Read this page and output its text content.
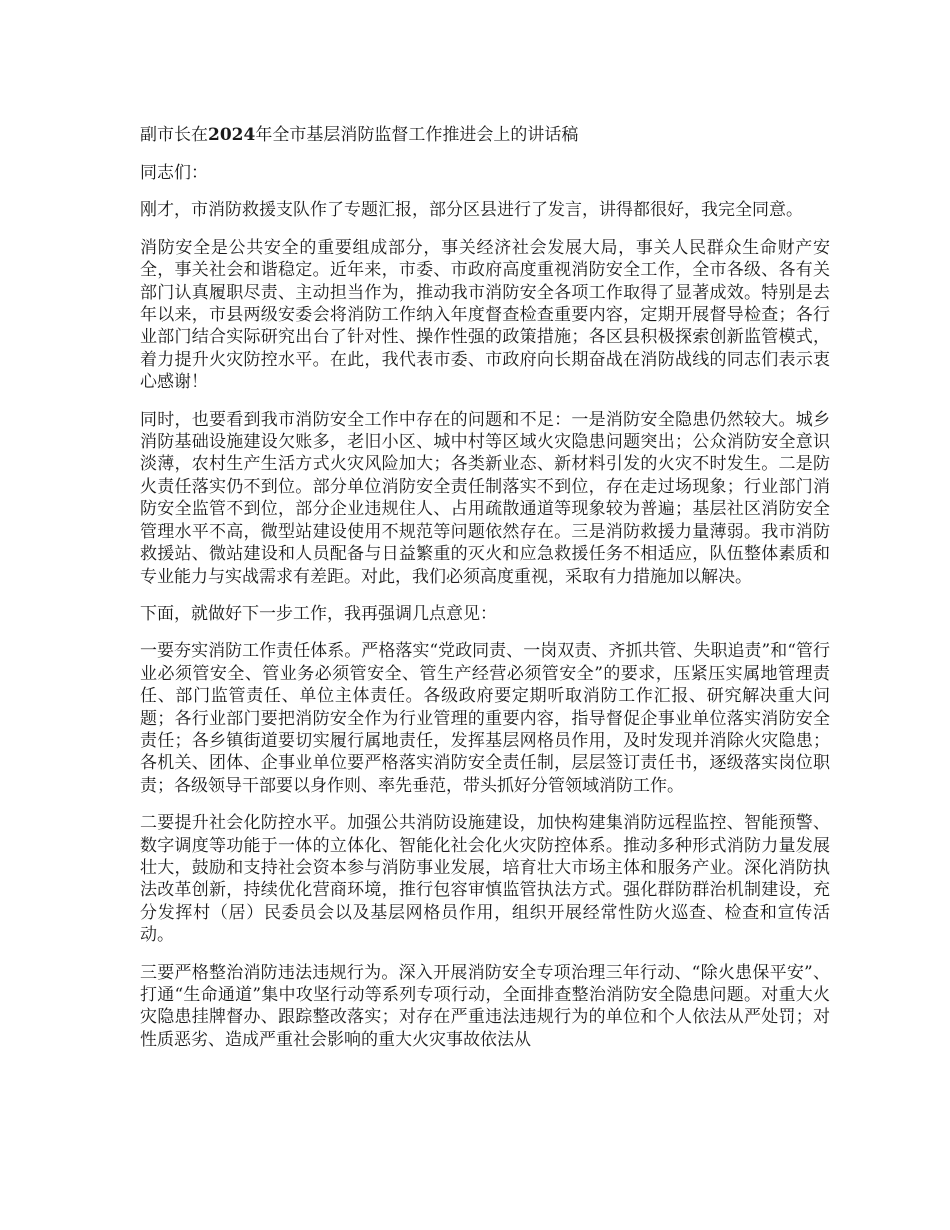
副市长在2024年全市基层消防监督工作推进会上的讲话稿

同志们：

刚才，市消防救援支队作了专题汇报，部分区县进行了发言，讲得都很好，我完全同意。

消防安全是公共安全的重要组成部分，事关经济社会发展大局，事关人民群众生命财产安全，事关社会和谐稳定。近年来，市委、市政府高度重视消防安全工作，全市各级、各有关部门认真履职尽责、主动担当作为，推动我市消防安全各项工作取得了显著成效。特别是去年以来，市县两级安委会将消防工作纳入年度督查检查重要内容，定期开展督导检查；各行业部门结合实际研究出台了针对性、操作性强的政策措施；各区县积极探索创新监管模式，着力提升火灾防控水平。在此，我代表市委、市政府向长期奋战在消防战线的同志们表示衷心感谢！

同时，也要看到我市消防安全工作中存在的问题和不足：一是消防安全隐患仍然较大。城乡消防基础设施建设欠账多，老旧小区、城中村等区域火灾隐患问题突出；公众消防安全意识淡薄，农村生产生活方式火灾风险加大；各类新业态、新材料引发的火灾不时发生。二是防火责任落实仍不到位。部分单位消防安全责任制落实不到位，存在走过场现象；行业部门消防安全监管不到位，部分企业违规住人、占用疏散通道等现象较为普遍；基层社区消防安全管理水平不高，微型站建设使用不规范等问题依然存在。三是消防救援力量薄弱。我市消防救援站、微站建设和人员配备与日益繁重的灭火和应急救援任务不相适应，队伍整体素质和专业能力与实战需求有差距。对此，我们必须高度重视，采取有力措施加以解决。

下面，就做好下一步工作，我再强调几点意见：

一要夯实消防工作责任体系。严格落实“党政同责、一岗双责、齐抓共管、失职追责”和“管行业必须管安全、管业务必须管安全、管生产经营必须管安全”的要求，压紧压实属地管理责任、部门监管责任、单位主体责任。各级政府要定期听取消防工作汇报、研究解决重大问题；各行业部门要把消防安全作为行业管理的重要内容，指导督促企事业单位落实消防安全责任；各乡镇街道要切实履行属地责任，发挥基层网格员作用，及时发现并消除火灾隐患；各机关、团体、企事业单位要严格落实消防安全责任制，层层签订责任书，逐级落实岗位职责；各级领导干部要以身作则、率先垂范，带头抓好分管领域消防工作。

二要提升社会化防控水平。加强公共消防设施建设，加快构建集消防远程监控、智能预警、数字调度等功能于一体的立体化、智能化社会化火灾防控体系。推动多种形式消防力量发展壮大，鼓励和支持社会资本参与消防事业发展，培育壮大市场主体和服务产业。深化消防执法改革创新，持续优化营商环境，推行包容审慎监管执法方式。强化群防群治机制建设，充分发挥村（居）民委员会以及基层网格员作用，组织开展经常性防火巡查、检查和宣传活动。

三要严格整治消防违法违规行为。深入开展消防安全专项治理三年行动、“除火患保平安”、打通“生命通道”集中攻坚行动等系列专项行动，全面排查整治消防安全隐患问题。对重大火灾隐患挂牌督办、跟踪整改落实；对存在严重违法违规行为的单位和个人依法从严处罚；对性质恶劣、造成严重社会影响的重大火灾事故依法从
